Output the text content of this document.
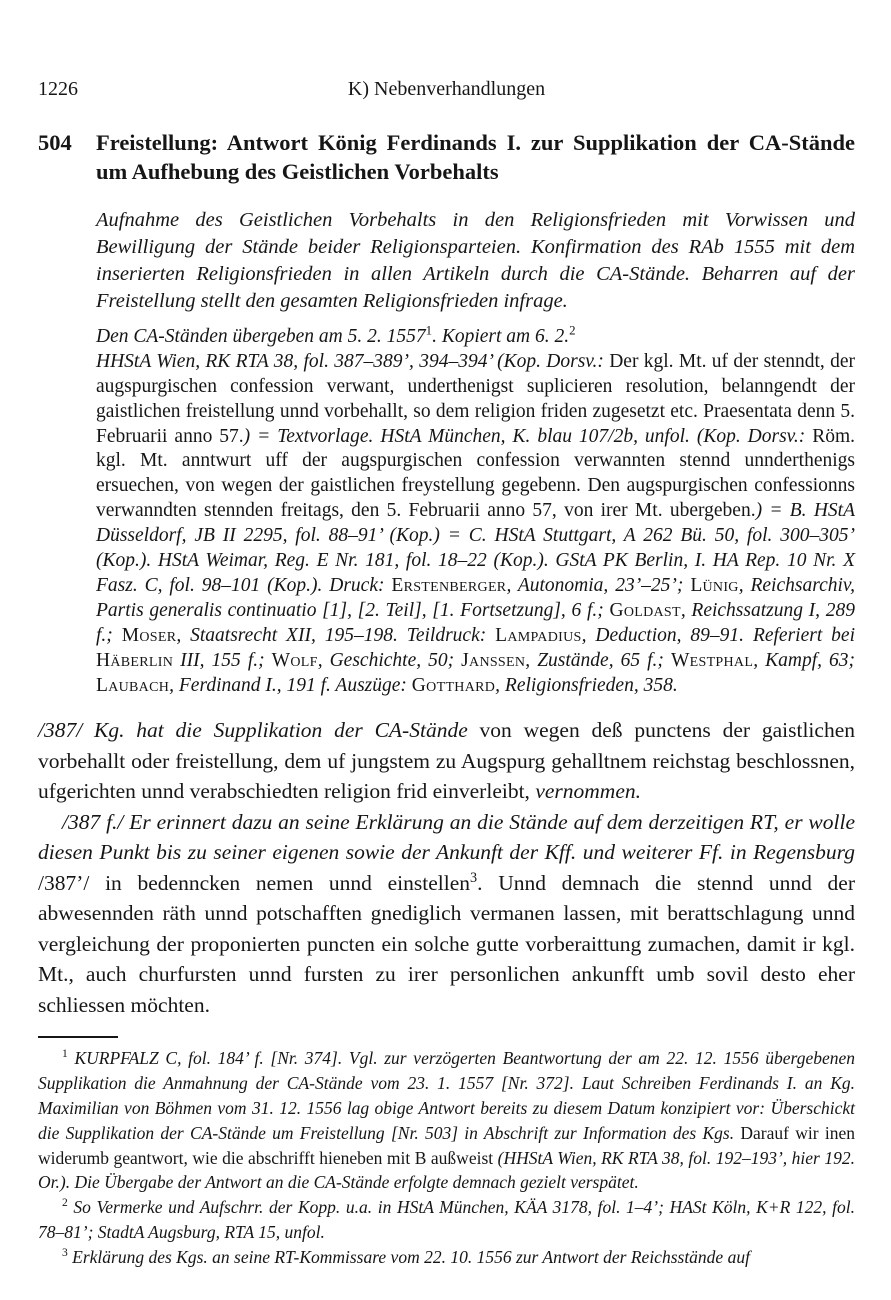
1226	K) Nebenverhandlungen
504	Freistellung: Antwort König Ferdinands I. zur Supplikation der CA-Stände um Aufhebung des Geistlichen Vorbehalts

Aufnahme des Geistlichen Vorbehalts in den Religionsfrieden mit Vorwissen und Bewilligung der Stände beider Religionsparteien. Konfirmation des RAb 1555 mit dem inserierten Religionsfrieden in allen Artikeln durch die CA-Stände. Beharren auf der Freistellung stellt den gesamten Religionsfrieden infrage.

Den CA-Ständen übergeben am 5. 2. 1557$^1$. Kopiert am 6. 2.$^2$
HHStA Wien, RK RTA 38, fol. 387–389’, 394–394’ (Kop. Dorsv.: Der kgl. Mt. uf der stenndt, der augspurgischen confession verwant, underthenigst suplicieren resolution, belanngendt der gaistlichen freistellung unnd vorbehallt, so dem religion friden zugesetzt etc. Praesentata denn 5. Februarii anno 57.) = Textvorlage. HStA München, K. blau 107/2b, unfol. (Kop. Dorsv.: Röm. kgl. Mt. anntwurt uff der augspurgischen confession verwannten stennd unnderthenigs ersuechen, von wegen der gaistlichen freystellung gegebenn. Den augspurgischen confessionns verwanndten stennden freitags, den 5. Februarii anno 57, von irer Mt. ubergeben.) = B. HStA Düsseldorf, JB II 2295, fol. 88–91’ (Kop.) = C. HStA Stuttgart, A 262 Bü. 50, fol. 300–305’ (Kop.). HStA Weimar, Reg. E Nr. 181, fol. 18–22 (Kop.). GStA PK Berlin, I. HA Rep. 10 Nr. X Fasz. C, fol. 98–101 (Kop.). Druck: Erstenberger, Autonomia, 23’–25’; Lünig, Reichsarchiv, Partis generalis continuatio [1], [2. Teil], [1. Fortsetzung], 6 f.; Goldast, Reichssatzung I, 289 f.; Moser, Staatsrecht XII, 195–198. Teildruck: Lampadius, Deduction, 89–91. Referiert bei Häberlin III, 155 f.; Wolf, Geschichte, 50; Janssen, Zustände, 65 f.; Westphal, Kampf, 63; Laubach, Ferdinand I., 191 f. Auszüge: Gotthard, Religionsfrieden, 358.

/387/ Kg. hat die Supplikation der CA-Stände von wegen deß punctens der gaistlichen vorbehallt oder freistellung, dem uf jungstem zu Augspurg gehalltnem reichstag beschlossnen, ufgerichten unnd verabschiedten religion frid einverleibt, vernommen.

/387 f./ Er erinnert dazu an seine Erklärung an die Stände auf dem derzeitigen RT, er wolle diesen Punkt bis zu seiner eigenen sowie der Ankunft der Kff. und weiterer Ff. in Regensburg /387’/ in bedenncken nemen unnd einstellen$^3$. Unnd demnach die stennd unnd der abwesennden räth unnd potschafften gnediglich vermanen lassen, mit berattschlagung unnd vergleichung der proponierten puncten ein solche gutte vorberaittung zumachen, damit ir kgl. Mt., auch churfursten unnd fursten zu irer personlichen ankunfft umb sovil desto eher schliessen möchten.

$^1$ KURPFALZ C, fol. 184’ f. [Nr. 374]. Vgl. zur verzögerten Beantwortung der am 22. 12. 1556 übergebenen Supplikation die Anmahnung der CA-Stände vom 23. 1. 1557 [Nr. 372]. Laut Schreiben Ferdinands I. an Kg. Maximilian von Böhmen vom 31. 12. 1556 lag obige Antwort bereits zu diesem Datum konzipiert vor: Überschickt die Supplikation der CA-Stände um Freistellung [Nr. 503] in Abschrift zur Information des Kgs. Darauf wir inen widerumb geantwort, wie die abschrifft hieneben mit B außweist (HHStA Wien, RK RTA 38, fol. 192–193’, hier 192. Or.). Die Übergabe der Antwort an die CA-Stände erfolgte demnach gezielt verspätet.

$^2$ So Vermerke und Aufschrr. der Kopp. u.a. in HStA München, KÄA 3178, fol. 1–4’; HASt Köln, K+R 122, fol. 78–81’; StadtA Augsburg, RTA 15, unfol.

$^3$ Erklärung des Kgs. an seine RT-Kommissare vom 22. 10. 1556 zur Antwort der Reichsstände auf
